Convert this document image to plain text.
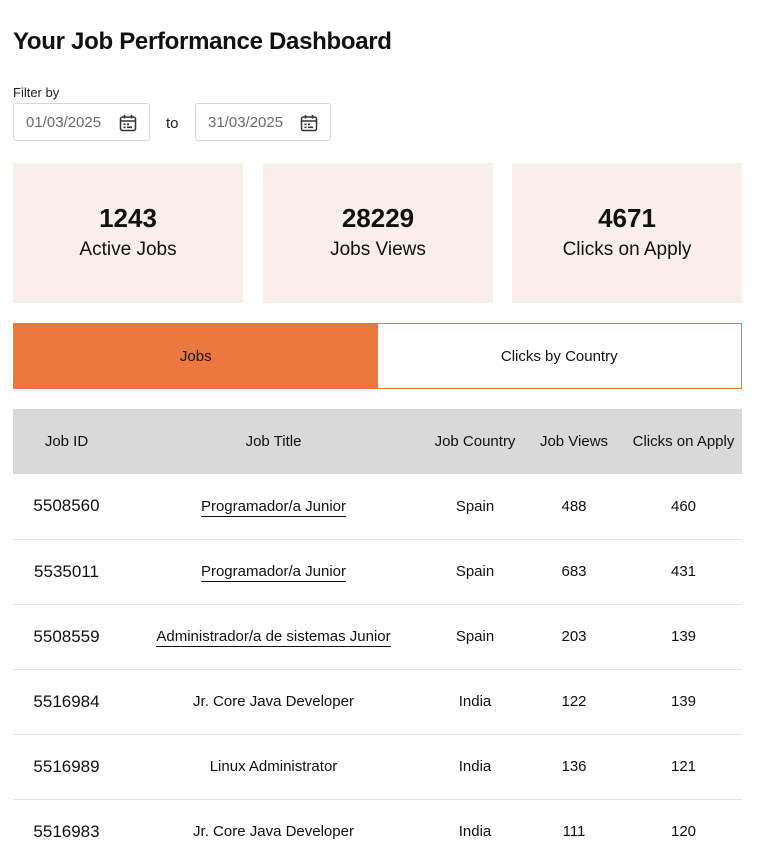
Your Job Performance Dashboard
Filter by
01/03/2025	to 31/03/2025
1243
Active Jobs
28229
Jobs Views
4671
Clicks on Apply
Jobs	Clicks by Country
Job ID	Job Title	Job Country	Job Views	Clicks on Apply
5508560	Programador/a Junior	Spain	488	460
5535011	Programador/a Junior	Spain	683	431
5508559	Administrador/a de sistemas Junior	Spain	203	139
5516984	Jr. Core Java Developer	India	122	139
5516989	Linux Administrator	India	136	121
5516983	Jr. Core Java Developer	India	111	120
